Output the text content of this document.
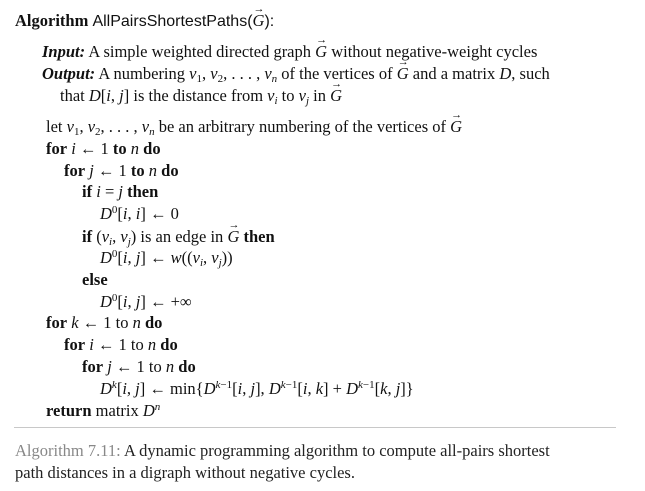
Algorithm AllPairsShortestPaths(→ G):
Input: A simple weighted directed graph → G without negative-weight cycles
Output: A numbering $v_1$, $v_2$, . . . , $v_n$ of the vertices of → G and a matrix D, such
that D[i, j] is the distance from $v_i$ to $v_j$ in → G
let $v_1$, $v_2$, . . . , $v_n$ be an arbitrary numbering of the vertices of → G
for i ← 1 to n do
for j ← 1 to n do
if i = j then
$D^0[i$, i] ← 0
if ($v_i$, $v_j$) is an edge in → G then
$D^0[i$, j] ← $w((v_i$, $v_j$))
else
$D^0[i$, j] ← +∞
for k ← 1 to n do
for i ← 1 to n do
for j ← 1 to n do
$D^k[i$, j] ← $\min\{D^{k-1}[i$, j], $D^{k-1}[i$, $k] + D^{k-1}[k$, j]}
return matrix $D^n$
Algorithm 7.11: A dynamic programming algorithm to compute all-pairs shortest
path distances in a digraph without negative cycles.
